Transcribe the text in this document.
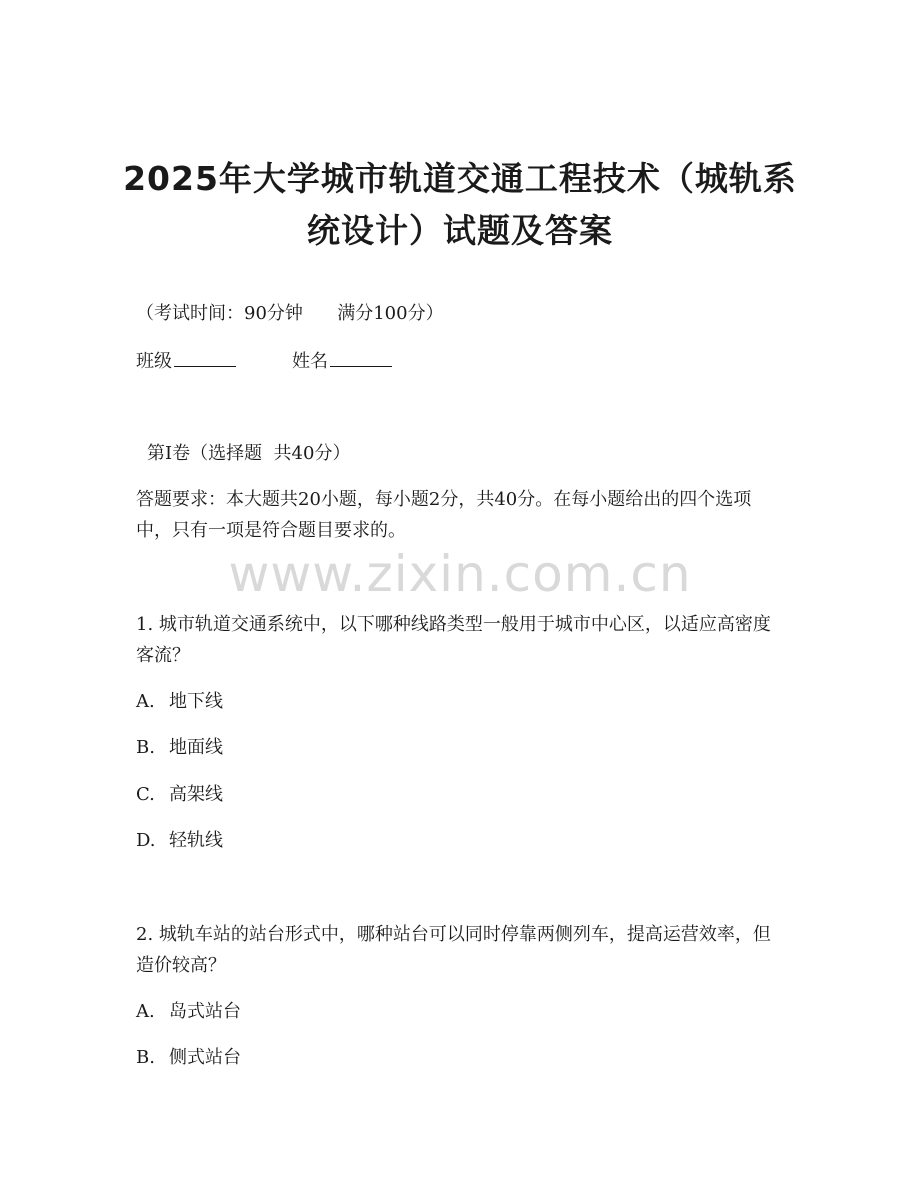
2025年大学城市轨道交通工程技术（城轨系
统设计）试题及答案
（考试时间：90分钟      满分100分）
班级	姓名
第Ⅰ卷（选择题  共40分）
答题要求：本大题共20小题，每小题2分，共40分。在每小题给出的四个选项中，只有一项是符合题目要求的。
www.zixin.com.cn
1. 城市轨道交通系统中，以下哪种线路类型一般用于城市中心区，以适应高密度客流？
A. 地下线
B. 地面线
C. 高架线
D. 轻轨线
2. 城轨车站的站台形式中，哪种站台可以同时停靠两侧列车，提高运营效率，但造价较高？
A. 岛式站台
B. 侧式站台
